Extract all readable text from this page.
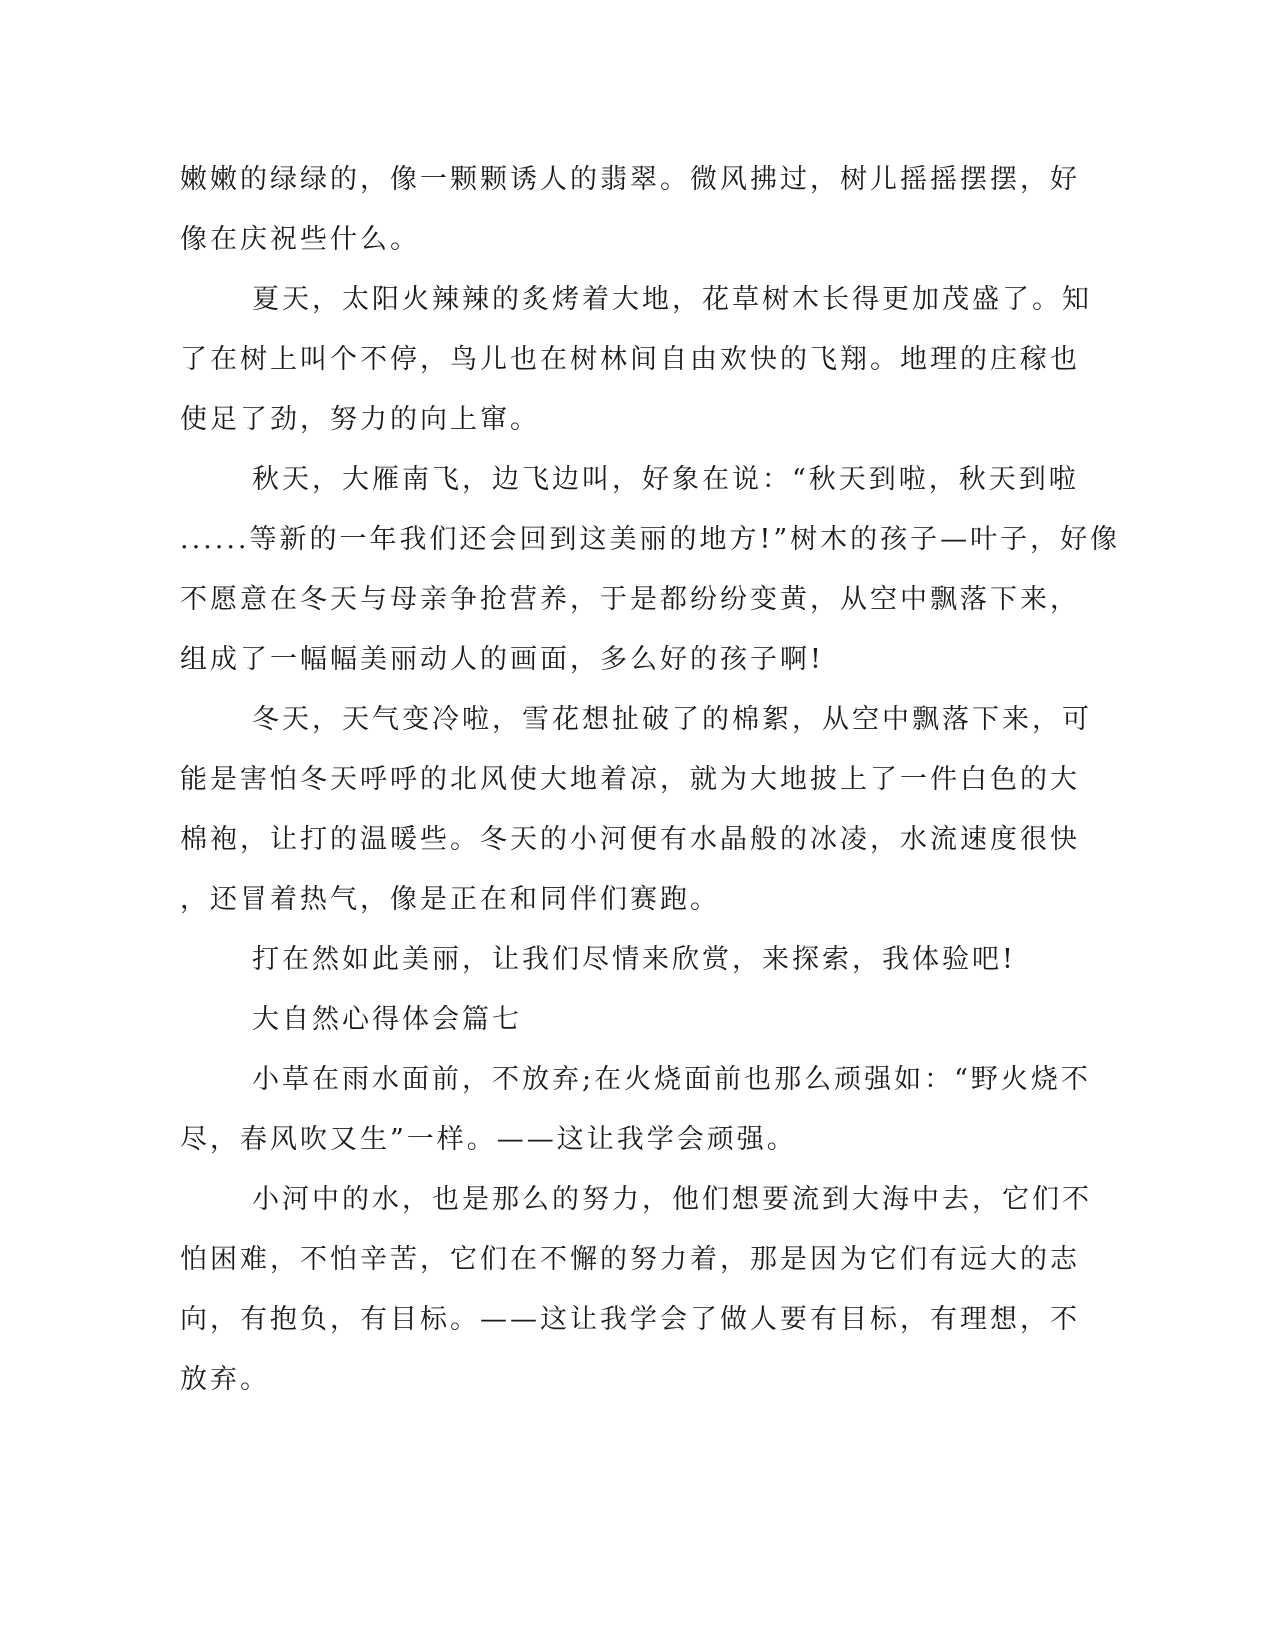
嫩嫩的绿绿的，像一颗颗诱人的翡翠。微风拂过，树儿摇摇摆摆，好
像在庆祝些什么。
夏天，太阳火辣辣的炙烤着大地，花草树木长得更加茂盛了。知
了在树上叫个不停，鸟儿也在树林间自由欢快的飞翔。地理的庄稼也
使足了劲，努力的向上窜。
秋天，大雁南飞，边飞边叫，好象在说：“秋天到啦，秋天到啦
......等新的一年我们还会回到这美丽的地方!”树木的孩子—叶子，好像
不愿意在冬天与母亲争抢营养，于是都纷纷变黄，从空中飘落下来，
组成了一幅幅美丽动人的画面，多么好的孩子啊!
冬天，天气变冷啦，雪花想扯破了的棉絮，从空中飘落下来，可
能是害怕冬天呼呼的北风使大地着凉，就为大地披上了一件白色的大
棉袍，让打的温暖些。冬天的小河便有水晶般的冰凌，水流速度很快
，还冒着热气，像是正在和同伴们赛跑。
打在然如此美丽，让我们尽情来欣赏，来探索，我体验吧!
大自然心得体会篇七
小草在雨水面前，不放弃;在火烧面前也那么顽强如：“野火烧不
尽，春风吹又生”一样。——这让我学会顽强。
小河中的水，也是那么的努力，他们想要流到大海中去，它们不
怕困难，不怕辛苦，它们在不懈的努力着，那是因为它们有远大的志
向，有抱负，有目标。——这让我学会了做人要有目标，有理想，不
放弃。
